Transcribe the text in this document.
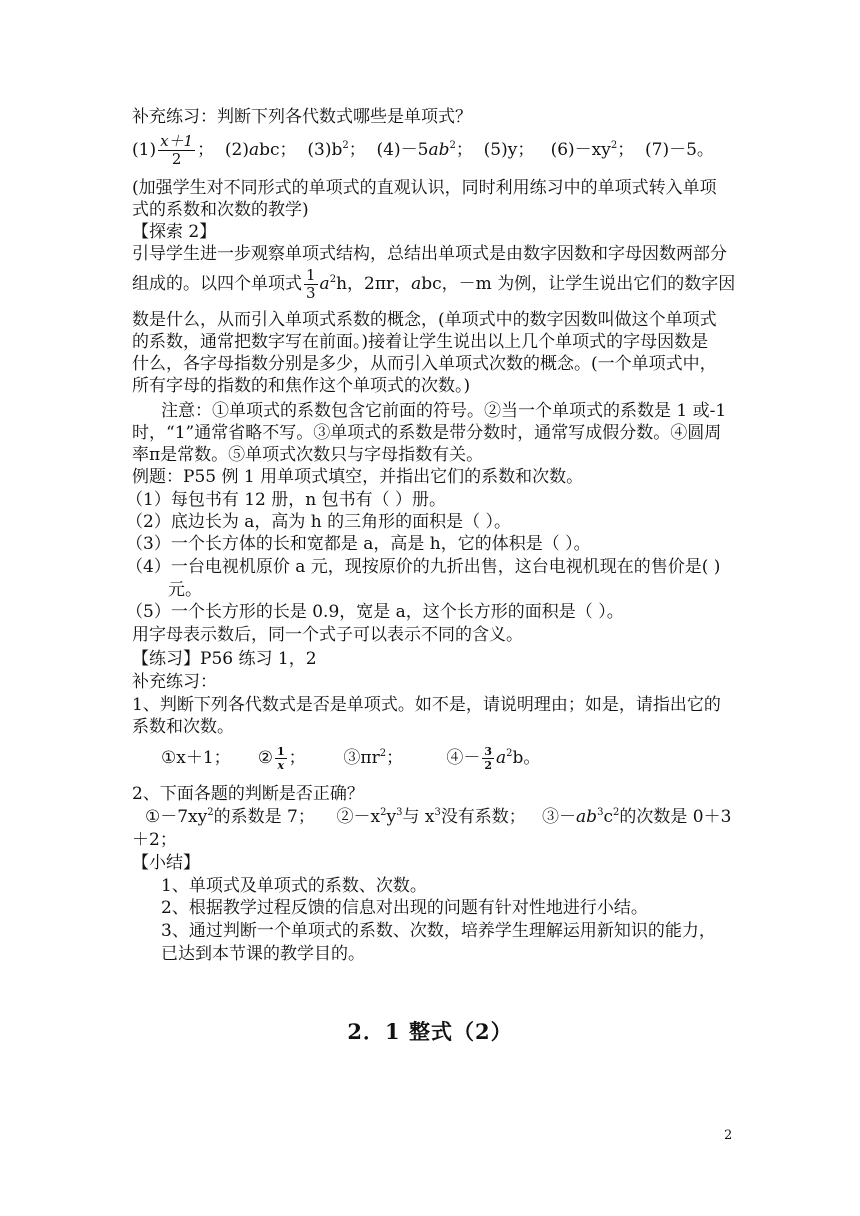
补充练习：判断下列各代数式哪些是单项式？
$(1) \frac{x+1}{2}$ ； (2)abc； $(3)b^2$； $(4)-5ab^2$； (5)y； $(6)-xy^2$； (7)－5。
(加强学生对不同形式的单项式的直观认识，同时利用练习中的单项式转入单项
式的系数和次数的教学)
【探索 2】
引导学生进一步观察单项式结构，总结出单项式是由数字因数和字母因数两部分
组成的。以四个单项式 $\frac{1}{3} a^2h$，2πr，abc，－m 为例，让学生说出它们的数字因
数是什么，从而引入单项式系数的概念，(单项式中的数字因数叫做这个单项式
的系数，通常把数字写在前面。)接着让学生说出以上几个单项式的字母因数是
什么，各字母指数分别是多少，从而引入单项式次数的概念。(一个单项式中，
所有字母的指数的和焦作这个单项式的次数。)
注意：①单项式的系数包含它前面的符号。②当一个单项式的系数是 1 或-1
时，“1”通常省略不写。③单项式的系数是带分数时，通常写成假分数。④圆周
率π是常数。⑤单项式次数只与字母指数有关。
例题：P55 例 1 用单项式填空，并指出它们的系数和次数。
（1）每包书有 12 册，n 包书有（ ）册。
（2）底边长为 a，高为 h 的三角形的面积是（ ）。
（3）一个长方体的长和宽都是 a，高是 h，它的体积是（ ）。
（4）一台电视机原价 a 元，现按原价的九折出售，这台电视机现在的售价是( )
元。
（5）一个长方形的长是 0.9，宽是 a，这个长方形的面积是（ ）。
用字母表示数后，同一个式子可以表示不同的含义。
【练习】P56 练习 1，2
补充练习：
1、判断下列各代数式是否是单项式。如不是，请说明理由；如是，请指出它的
系数和次数。
①x＋1； ② $\frac{1}{x}$ ； $③\pi r^2$；	④－ $\frac{3}{2} a^2b$。
2、下面各题的判断是否正确？
$①-7xy^2$的系数是 7； $②-x^2y^3$与 $x^3$没有系数； $③-ab^3c^2$的次数是 0＋3
＋2；
【小结】
1、单项式及单项式的系数、次数。
2、根据教学过程反馈的信息对出现的问题有针对性地进行小结。
3、通过判断一个单项式的系数、次数，培养学生理解运用新知识的能力，
已达到本节课的教学目的。
2．1 整式（2）
2
